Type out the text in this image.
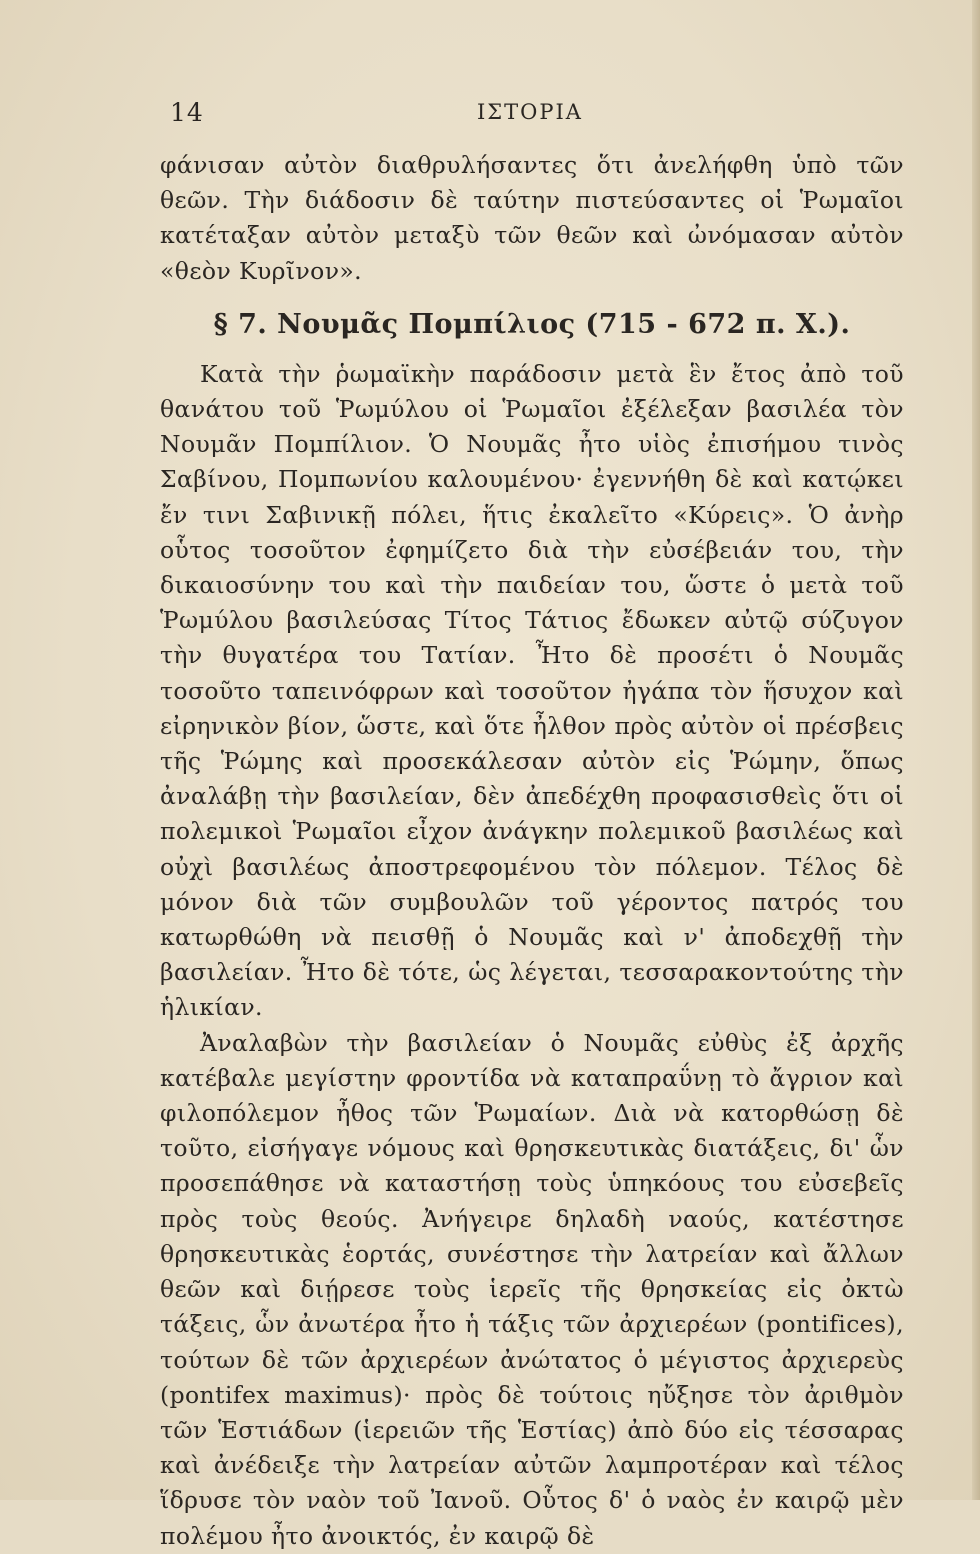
14	ΙΣΤΟΡΙΑ

φάνισαν αὐτὸν διαθρυλήσαντες ὅτι ἀνελήφθη ὑπὸ τῶν θεῶν. Τὴν διάδοσιν δὲ ταύτην πιστεύσαντες οἱ Ῥωμαῖοι κατέταξαν αὐτὸν μεταξὺ τῶν θεῶν καὶ ὠνόμασαν αὐτὸν «θεὸν Κυρῖνον».

§ 7. Νουμᾶς Πομπίλιος (715 - 672 π. Χ.).

Κατὰ τὴν ῥωμαϊκὴν παράδοσιν μετὰ ἓν ἔτος ἀπὸ τοῦ θανάτου τοῦ Ῥωμύλου οἱ Ῥωμαῖοι ἐξέλεξαν βασιλέα τὸν Νουμᾶν Πομπίλιον. Ὁ Νουμᾶς ἦτο υἱὸς ἐπισήμου τινὸς Σαβίνου, Πομπωνίου καλουμένου· ἐγεννήθη δὲ καὶ κατῴκει ἔν τινι Σαβινικῇ πόλει, ἥτις ἐκαλεῖτο «Κύρεις». Ὁ ἀνὴρ οὗτος τοσοῦτον ἐφημίζετο διὰ τὴν εὐσέβειάν του, τὴν δικαιοσύνην του καὶ τὴν παιδείαν του, ὥστε ὁ μετὰ τοῦ Ῥωμύλου βασιλεύσας Τίτος Τάτιος ἔδωκεν αὐτῷ σύζυγον τὴν θυγατέρα του Τατίαν. Ἦτο δὲ προσέτι ὁ Νουμᾶς τοσοῦτο ταπεινόφρων καὶ τοσοῦτον ἠγάπα τὸν ἥσυχον καὶ εἰρηνικὸν βίον, ὥστε, καὶ ὅτε ἦλθον πρὸς αὐτὸν οἱ πρέσβεις τῆς Ῥώμης καὶ προσεκάλεσαν αὐτὸν εἰς Ῥώμην, ὅπως ἀναλάβῃ τὴν βασιλείαν, δὲν ἀπεδέχθη προφασισθεὶς ὅτι οἱ πολεμικοὶ Ῥωμαῖοι εἶχον ἀνάγκην πολεμικοῦ βασιλέως καὶ οὐχὶ βασιλέως ἀποστρεφομένου τὸν πόλεμον. Τέλος δὲ μόνον διὰ τῶν συμβουλῶν τοῦ γέροντος πατρός του κατωρθώθη νὰ πεισθῇ ὁ Νουμᾶς καὶ ν' ἀποδεχθῇ τὴν βασιλείαν. Ἦτο δὲ τότε, ὡς λέγεται, τεσσαρακοντούτης τὴν ἡλικίαν.

Ἀναλαβὼν τὴν βασιλείαν ὁ Νουμᾶς εὐθὺς ἐξ ἀρχῆς κατέβαλε μεγίστην φροντίδα νὰ καταπραΰνῃ τὸ ἄγριον καὶ φιλοπόλεμον ἦθος τῶν Ῥωμαίων. Διὰ νὰ κατορθώσῃ δὲ τοῦτο, εἰσήγαγε νόμους καὶ θρησκευτικὰς διατάξεις, δι' ὧν προσεπάθησε νὰ καταστήσῃ τοὺς ὑπηκόους του εὐσεβεῖς πρὸς τοὺς θεούς. Ἀνήγειρε δηλαδὴ ναούς, κατέστησε θρησκευτικὰς ἑορτάς, συνέστησε τὴν λατρείαν καὶ ἄλλων θεῶν καὶ διῄρεσε τοὺς ἱερεῖς τῆς θρησκείας εἰς ὀκτὼ τάξεις, ὧν ἀνωτέρα ἦτο ἡ τάξις τῶν ἀρχιερέων (pontifices), τούτων δὲ τῶν ἀρχιερέων ἀνώτατος ὁ μέγιστος ἀρχιερεὺς (pontifex maximus)· πρὸς δὲ τούτοις ηὔξησε τὸν ἀριθμὸν τῶν Ἑστιάδων (ἱερειῶν τῆς Ἑστίας) ἀπὸ δύο εἰς τέσσαρας καὶ ἀνέδειξε τὴν λατρείαν αὐτῶν λαμπροτέραν καὶ τέλος ἵδρυσε τὸν ναὸν τοῦ Ἰανοῦ. Οὗτος δ' ὁ ναὸς ἐν καιρῷ μὲν πολέμου ἦτο ἀνοικτός, ἐν καιρῷ δὲ
